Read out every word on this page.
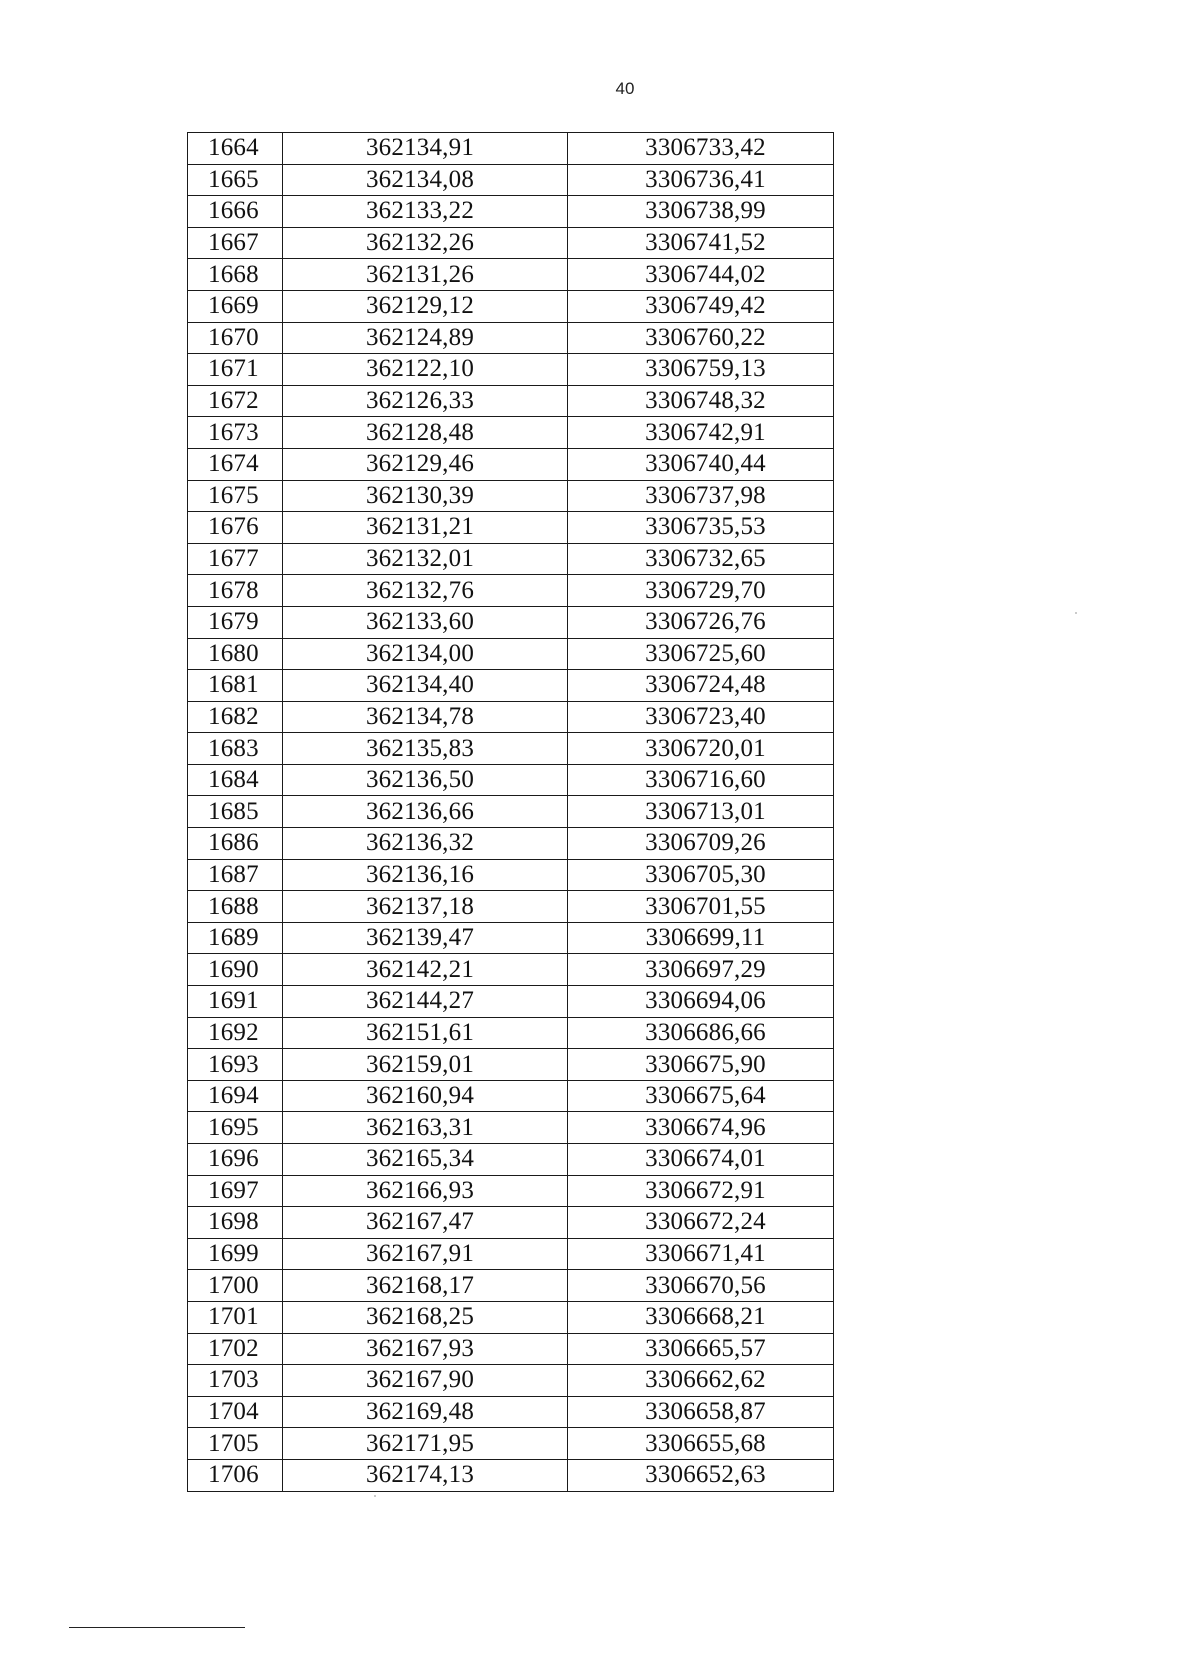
40
1664	362134,91	3306733,42
1665	362134,08	3306736,41
1666	362133,22	3306738,99
1667	362132,26	3306741,52
1668	362131,26	3306744,02
1669	362129,12	3306749,42
1670	362124,89	3306760,22
1671	362122,10	3306759,13
1672	362126,33	3306748,32
1673	362128,48	3306742,91
1674	362129,46	3306740,44
1675	362130,39	3306737,98
1676	362131,21	3306735,53
1677	362132,01	3306732,65
1678	362132,76	3306729,70
1679	362133,60	3306726,76
1680	362134,00	3306725,60
1681	362134,40	3306724,48
1682	362134,78	3306723,40
1683	362135,83	3306720,01
1684	362136,50	3306716,60
1685	362136,66	3306713,01
1686	362136,32	3306709,26
1687	362136,16	3306705,30
1688	362137,18	3306701,55
1689	362139,47	3306699,11
1690	362142,21	3306697,29
1691	362144,27	3306694,06
1692	362151,61	3306686,66
1693	362159,01	3306675,90
1694	362160,94	3306675,64
1695	362163,31	3306674,96
1696	362165,34	3306674,01
1697	362166,93	3306672,91
1698	362167,47	3306672,24
1699	362167,91	3306671,41
1700	362168,17	3306670,56
1701	362168,25	3306668,21
1702	362167,93	3306665,57
1703	362167,90	3306662,62
1704	362169,48	3306658,87
1705	362171,95	3306655,68
1706	362174,13	3306652,63
